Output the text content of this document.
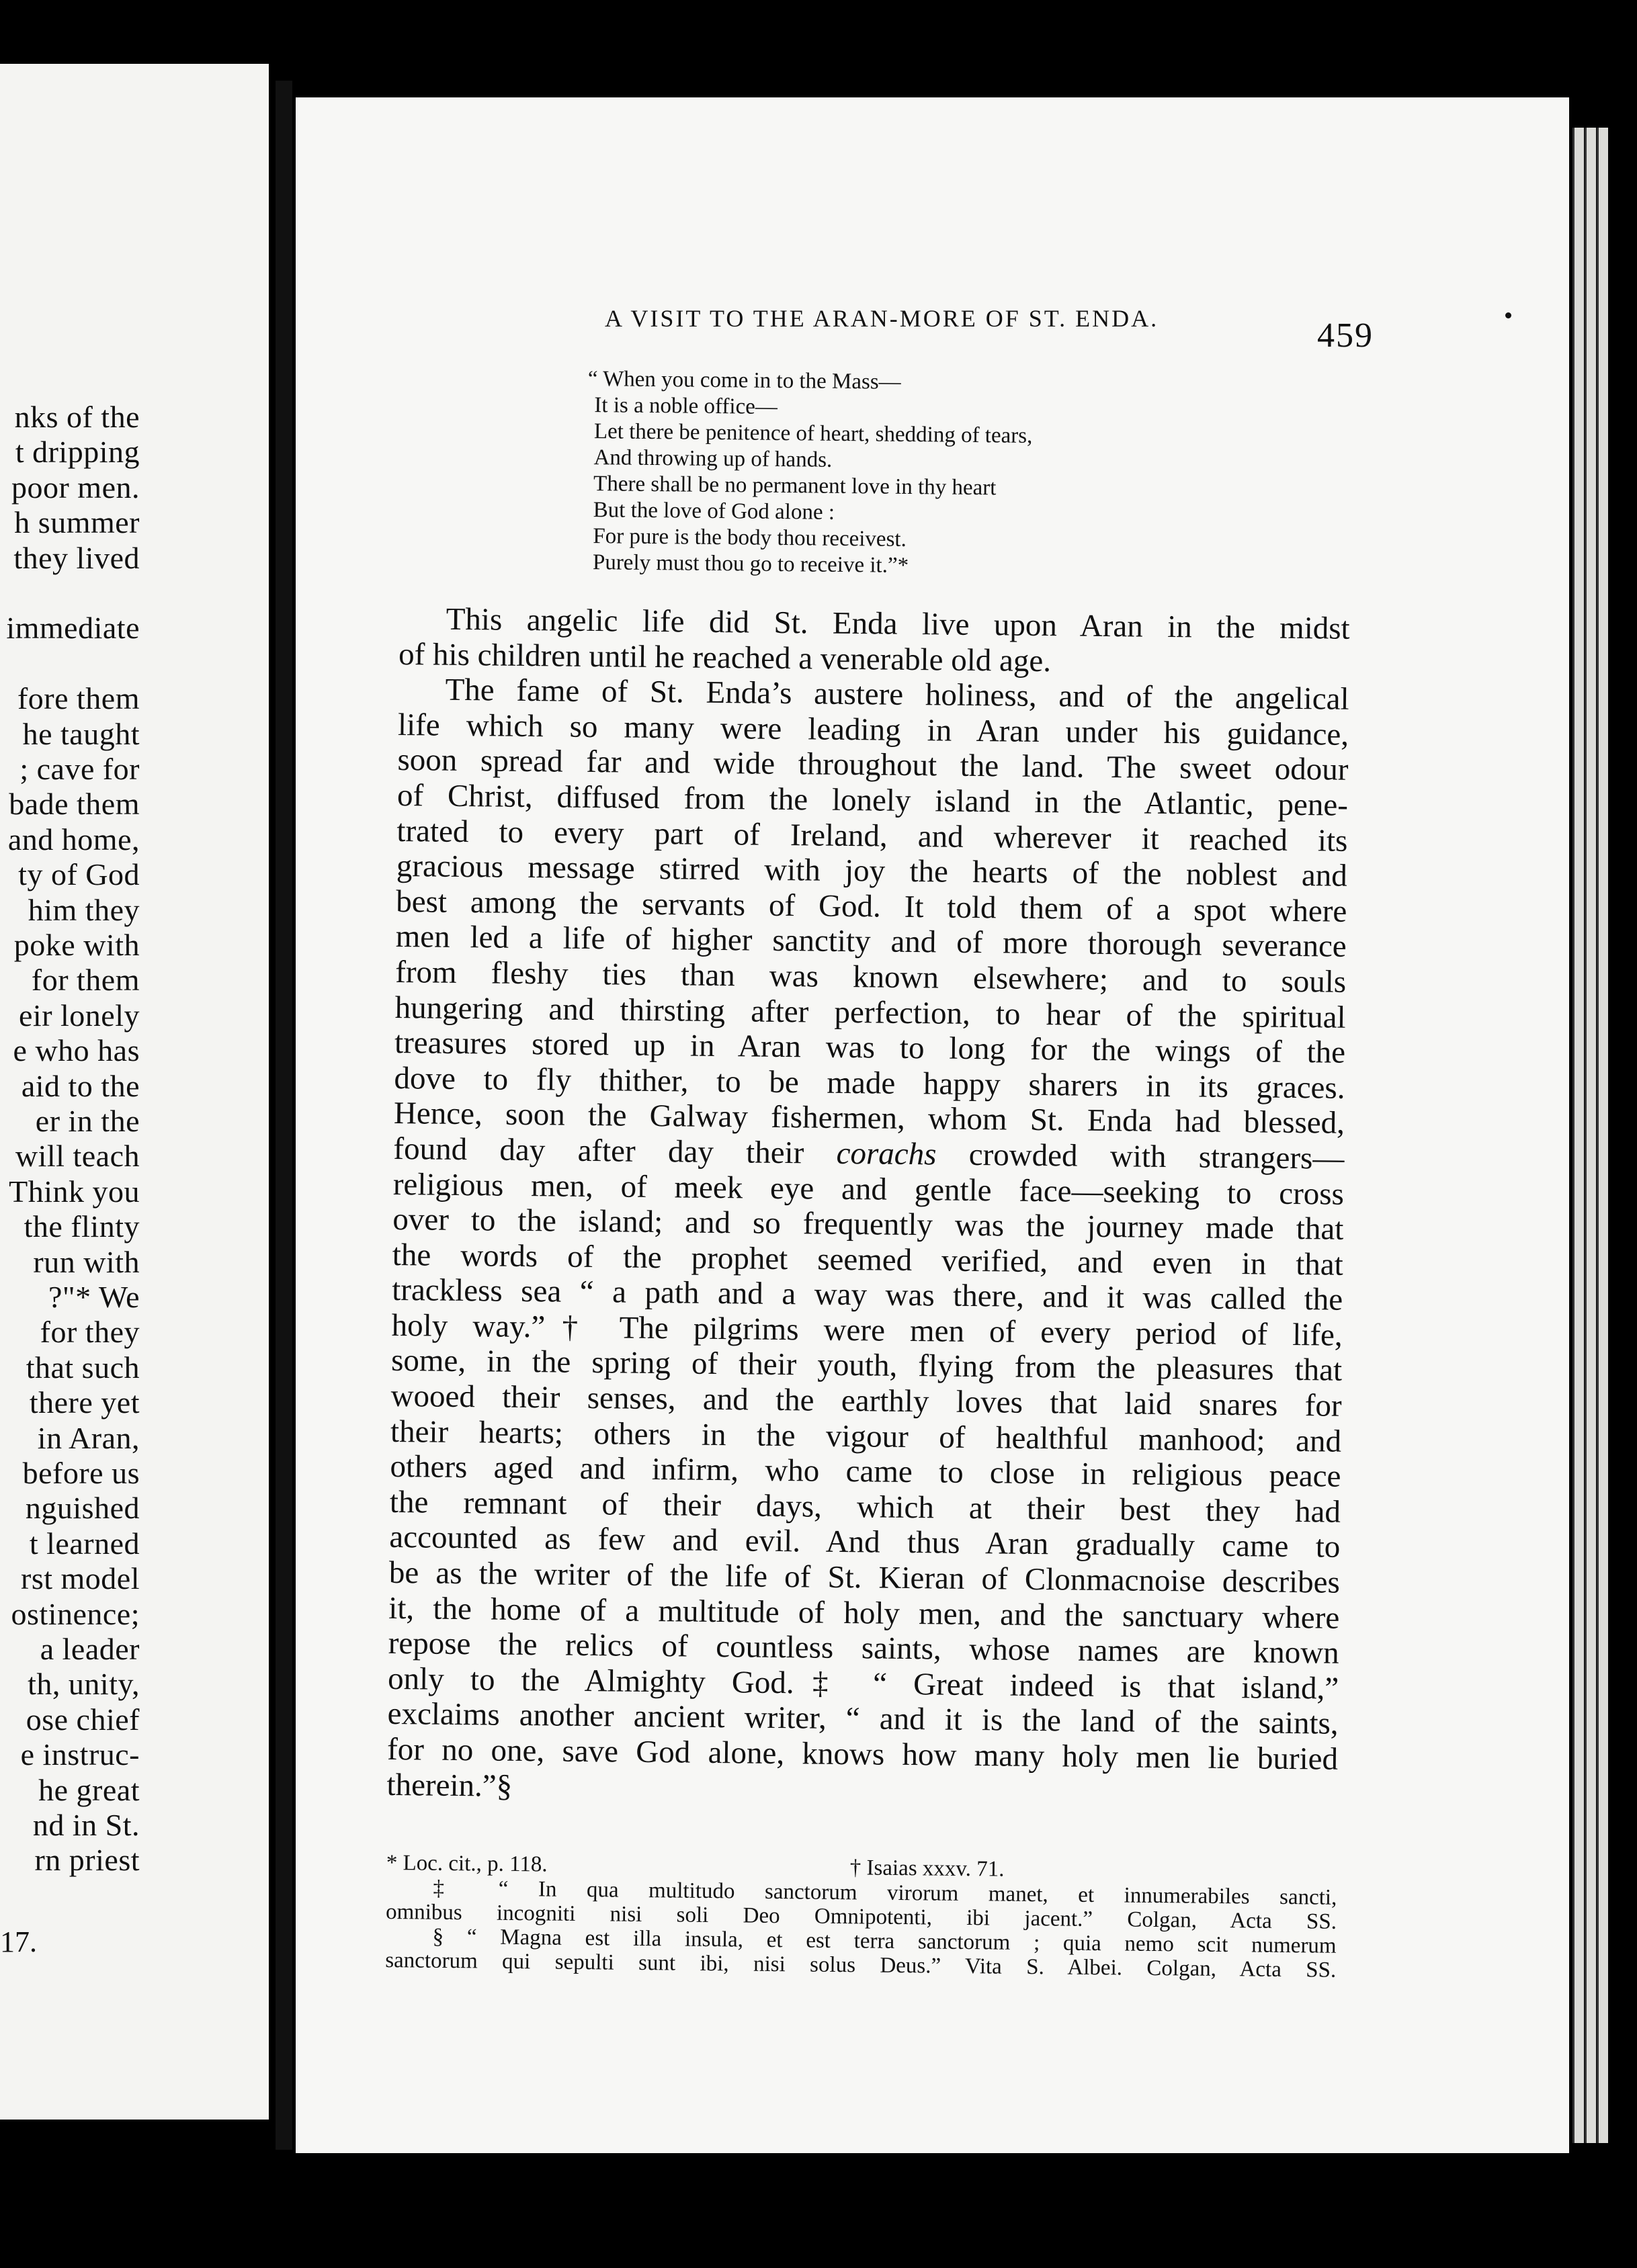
nks of the
t dripping
poor men.
h summer
they lived
immediate
fore them
he taught
; cave for
bade them
and home,
ty of God
him they
poke with
for them
eir lonely
e who has
aid to the
er in the
will teach
Think you
the flinty
run with
?"* We
for they
that such
there yet
in Aran,
before us
nguished
t learned
rst model
ostinence;
a leader
th, unity,
ose chief
e instruc-
he great
nd in St.
rn priest
17.
A VISIT TO THE ARAN-MORE OF ST. ENDA.	459
“ When you come in to the Mass—
It is a noble office—
Let there be penitence of heart, shedding of tears,
And throwing up of hands.
There shall be no permanent love in thy heart
But the love of God alone :
For pure is the body thou receivest.
Purely must thou go to receive it.”*
This angelic life did St. Enda live upon Aran in the midst
of his children until he reached a venerable old age.
The fame of St. Enda’s austere holiness, and of the angelical
life which so many were leading in Aran under his guidance,
soon spread far and wide throughout the land. The sweet odour
of Christ, diffused from the lonely island in the Atlantic, pene-
trated to every part of Ireland, and wherever it reached its
gracious message stirred with joy the hearts of the noblest and
best among the servants of God. It told them of a spot where
men led a life of higher sanctity and of more thorough severance
from fleshy ties than was known elsewhere; and to souls
hungering and thirsting after perfection, to hear of the spiritual
treasures stored up in Aran was to long for the wings of the
dove to fly thither, to be made happy sharers in its graces.
Hence, soon the Galway fishermen, whom St. Enda had blessed,
found day after day their corachs crowded with strangers—
religious men, of meek eye and gentle face—seeking to cross
over to the island; and so frequently was the journey made that
the words of the prophet seemed verified, and even in that
trackless sea “ a path and a way was there, and it was called the
holy way.”† The pilgrims were men of every period of life,
some, in the spring of their youth, flying from the pleasures that
wooed their senses, and the earthly loves that laid snares for
their hearts; others in the vigour of healthful manhood; and
others aged and infirm, who came to close in religious peace
the remnant of their days, which at their best they had
accounted as few and evil. And thus Aran gradually came to
be as the writer of the life of St. Kieran of Clonmacnoise describes
it, the home of a multitude of holy men, and the sanctuary where
repose the relics of countless saints, whose names are known
only to the Almighty God.‡ “ Great indeed is that island,”
exclaims another ancient writer, “ and it is the land of the saints,
for no one, save God alone, knows how many holy men lie buried
therein.”§
* Loc. cit., p. 118.	† Isaias xxxv. 71.
‡ “ In qua multitudo sanctorum virorum manet, et innumerabiles sancti,
omnibus incogniti nisi soli Deo Omnipotenti, ibi jacent.” Colgan, Acta SS.
§ “ Magna est illa insula, et est terra sanctorum ; quia nemo scit numerum
sanctorum qui sepulti sunt ibi, nisi solus Deus.” Vita S. Albei. Colgan, Acta SS.
